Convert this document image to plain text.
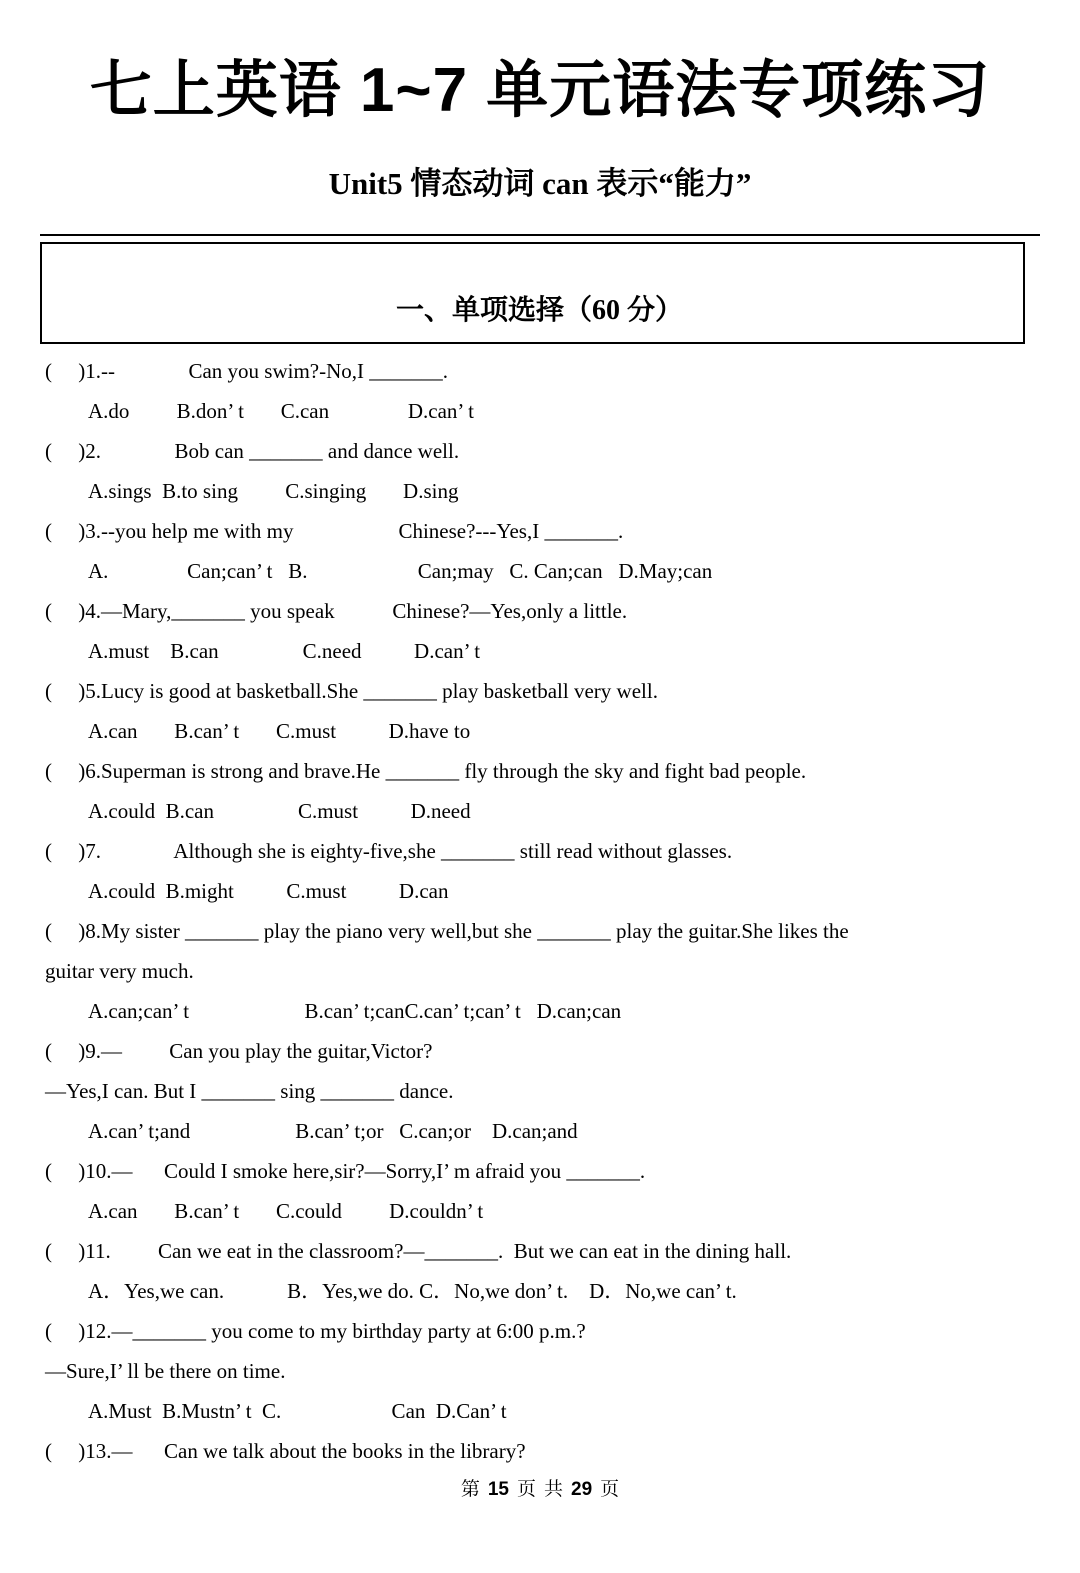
七上英语 1~7 单元语法专项练习
Unit5 情态动词 can 表示“能力”

一、单项选择（60 分）

(     )1.--              Can you swim?-No,I _______.
A.do         B.don’ t       C.can               D.can’ t
(     )2.              Bob can _______ and dance well.
A.sings  B.to sing         C.singing       D.sing
(     )3.--you help me with my                    Chinese?---Yes,I _______.
A.               Can;can’ t   B.                     Can;may   C. Can;can   D.May;can
(     )4.—Mary,_______ you speak           Chinese?—Yes,only a little.
A.must    B.can                C.need          D.can’ t
(     )5.Lucy is good at basketball.She _______ play basketball very well.
A.can       B.can’ t       C.must          D.have to
(     )6.Superman is strong and brave.He _______ fly through the sky and fight bad people.
A.could  B.can                C.must          D.need
(     )7.              Although she is eighty-five,she _______ still read without glasses.
A.could  B.might          C.must          D.can
(     )8.My sister _______ play the piano very well,but she _______ play the guitar.She likes the
guitar very much.
A.can;can’ t                      B.can’ t;canC.can’ t;can’ t   D.can;can
(     )9.—         Can you play the guitar,Victor?
—Yes,I can. But I _______ sing _______ dance.
A.can’ t;and                    B.can’ t;or   C.can;or    D.can;and
(     )10.—      Could I smoke here,sir?—Sorry,I’ m afraid you _______.
A.can       B.can’ t       C.could         D.couldn’ t
(     )11.         Can we eat in the classroom?—_______.  But we can eat in the dining hall.
A．Yes,we can.            B．Yes,we do. C．No,we don’ t.    D．No,we can’ t.
(     )12.—_______ you come to my birthday party at 6:00 p.m.?
—Sure,I’ ll be there on time.
A.Must  B.Mustn’ t  C.                     Can  D.Can’ t
(     )13.—      Can we talk about the books in the library?
第 15 页 共 29 页
